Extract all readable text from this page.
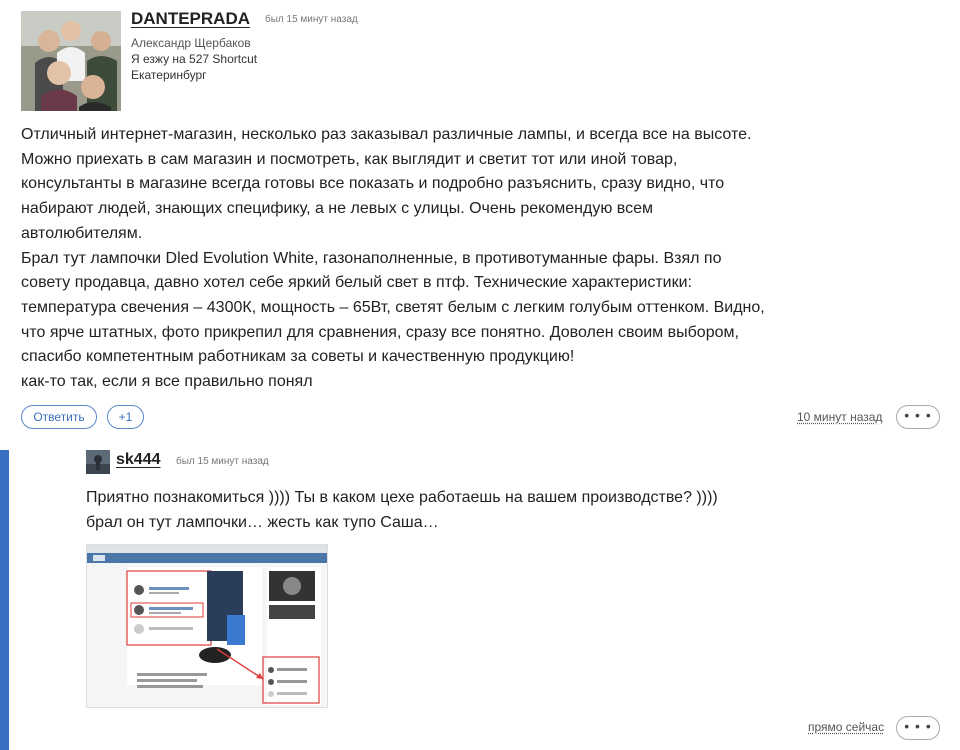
DANTEPRADA был 15 минут назад
Александр Щербаков
Я езжу на 527 Shortcut
Екатеринбург

Отличный интернет-магазин, несколько раз заказывал различные лампы, и всегда все на высоте.

Можно приехать в сам магазин и посмотреть, как выглядит и светит тот или иной товар,

консультанты в магазине всегда готовы все показать и подробно разъяснить, сразу видно, что

набирают людей, знающих специфику, а не левых с улицы. Очень рекомендую всем

автолюбителям.

Брал тут лампочки Dled Evolution White, газонаполненные, в противотуманные фары. Взял по

совету продавца, давно хотел себе яркий белый свет в птф. Технические характеристики:

температура свечения – 4300К, мощность – 65Вт, светят белым с легким голубым оттенком. Видно,

что ярче штатных, фото прикрепил для сравнения, сразу все понятно. Доволен своим выбором,

спасибо компетентным работникам за советы и качественную продукцию!

как-то так, если я все правильно понял

Ответить	+1	10 минут назад	• • •
sk444 был 15 минут назад

Приятно познакомиться )))) Ты в каком цехе работаешь на вашем производстве? ))))

брал он тут лампочки… жесть как тупо Саша…

прямо сейчас	• • •
